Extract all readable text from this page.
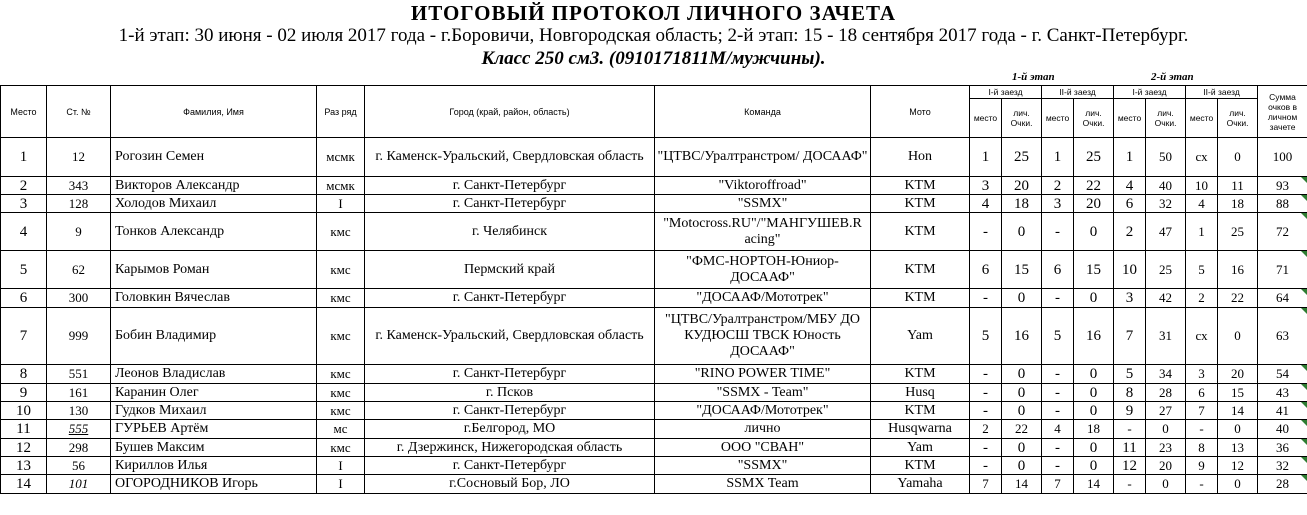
ИТОГОВЫЙ ПРОТОКОЛ ЛИЧНОГО ЗАЧЕТА
1-й этап: 30 июня - 02 июля 2017 года - г.Боровичи, Новгородская область; 2-й этап: 15 - 18 сентября 2017 года - г. Санкт-Петербург.
Класс 250 см3. (0910171811M/мужчины).
1-й этап	2-й этап
Место	Ст. №	Фамилия, Имя	Раз ряд	Город (край, район, область)	Команда	Мото	I-й заезд		II-й заезд		I-й заезд		II-й заезд		Сумма очков в личном зачете
							место	лич. Очки.	место	лич. Очки.	место	лич. Очки.	место	лич. Очки.	
1	12	Рогозин Семен	мсмк	г. Каменск-Уральский, Свердловская область	"ЦТВС/Уралтранстром/ ДОСААФ"	Hon	1	25	1	25	1	50	сх	0	100
2	343	Викторов Александр	мсмк	г. Санкт-Петербург	"Viktoroffroad"	KTM	3	20	2	22	4	40	10	11	93
3	128	Холодов Михаил	I	г. Санкт-Петербург	"SSMX"	KTM	4	18	3	20	6	32	4	18	88
4	9	Тонков Александр	кмс	г. Челябинск	"Motocross.RU"/"МАНГУШЕВ.R acing"	KTM	-	0	-	0	2	47	1	25	72
5	62	Карымов Роман	кмс	Пермский край	"ФМС-НОРТОН-Юниор-ДОСААФ"	KTM	6	15	6	15	10	25	5	16	71
6	300	Головкин Вячеслав	кмс	г. Санкт-Петербург	"ДОСААФ/Мототрек"	KTM	-	0	-	0	3	42	2	22	64
7	999	Бобин Владимир	кмс	г. Каменск-Уральский, Свердловская область	"ЦТВС/Уралтранстром/МБУ ДО КУДЮСШ ТВСК Юность ДОСААФ"	Yam	5	16	5	16	7	31	сх	0	63
8	551	Леонов Владислав	кмс	г. Санкт-Петербург	"RINO POWER TIME"	KTM	-	0	-	0	5	34	3	20	54
9	161	Каранин Олег	кмс	г. Псков	"SSMX - Team"	Husq	-	0	-	0	8	28	6	15	43
10	130	Гудков Михаил	кмс	г. Санкт-Петербург	"ДОСААФ/Мототрек"	KTM	-	0	-	0	9	27	7	14	41
11	555	ГУРЬЕВ Артём	мс	г.Белгород, МО	лично	Husqwarna	2	22	4	18	-	0	-	0	40
12	298	Бушев Максим	кмс	г. Дзержинск, Нижегородская область	ООО "СВАН"	Yam	-	0	-	0	11	23	8	13	36
13	56	Кириллов Илья	I	г. Санкт-Петербург	"SSMX"	KTM	-	0	-	0	12	20	9	12	32
14	101	ОГОРОДНИКОВ Игорь	I	г.Сосновый Бор, ЛО	SSMX Team	Yamaha	7	14	7	14	-	0	-	0	28
